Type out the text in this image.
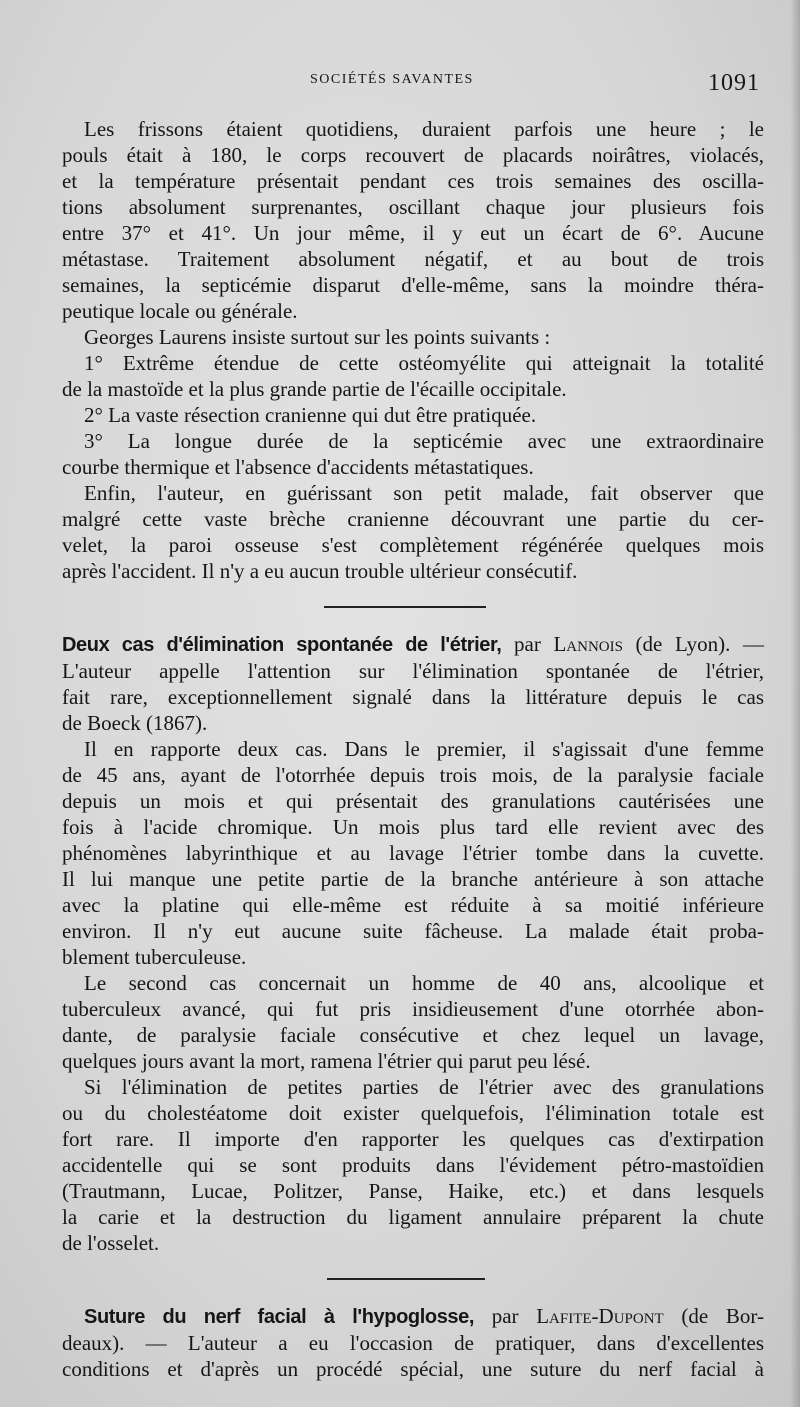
SOCIÉTÉS SAVANTES	1091
Les frissons étaient quotidiens, duraient parfois une heure ; le
pouls était à 180, le corps recouvert de placards noirâtres, violacés,
et la température présentait pendant ces trois semaines des oscilla-
tions absolument surprenantes, oscillant chaque jour plusieurs fois
entre 37° et 41°. Un jour même, il y eut un écart de 6°. Aucune
métastase. Traitement absolument négatif, et au bout de trois
semaines, la septicémie disparut d'elle-même, sans la moindre théra-
peutique locale ou générale.
Georges Laurens insiste surtout sur les points suivants :
1° Extrême étendue de cette ostéomyélite qui atteignait la totalité
de la mastoïde et la plus grande partie de l'écaille occipitale.
2° La vaste résection cranienne qui dut être pratiquée.
3° La longue durée de la septicémie avec une extraordinaire
courbe thermique et l'absence d'accidents métastatiques.
Enfin, l'auteur, en guérissant son petit malade, fait observer que
malgré cette vaste brèche cranienne découvrant une partie du cer-
velet, la paroi osseuse s'est complètement régénérée quelques mois
après l'accident. Il n'y a eu aucun trouble ultérieur consécutif.
Deux cas d'élimination spontanée de l'étrier, par Lannois (de Lyon). —
L'auteur appelle l'attention sur l'élimination spontanée de l'étrier,
fait rare, exceptionnellement signalé dans la littérature depuis le cas
de Boeck (1867).
Il en rapporte deux cas. Dans le premier, il s'agissait d'une femme
de 45 ans, ayant de l'otorrhée depuis trois mois, de la paralysie faciale
depuis un mois et qui présentait des granulations cautérisées une
fois à l'acide chromique. Un mois plus tard elle revient avec des
phénomènes labyrinthique et au lavage l'étrier tombe dans la cuvette.
Il lui manque une petite partie de la branche antérieure à son attache
avec la platine qui elle-même est réduite à sa moitié inférieure
environ. Il n'y eut aucune suite fâcheuse. La malade était proba-
blement tuberculeuse.
Le second cas concernait un homme de 40 ans, alcoolique et
tuberculeux avancé, qui fut pris insidieusement d'une otorrhée abon-
dante, de paralysie faciale consécutive et chez lequel un lavage,
quelques jours avant la mort, ramena l'étrier qui parut peu lésé.
Si l'élimination de petites parties de l'étrier avec des granulations
ou du cholestéatome doit exister quelquefois, l'élimination totale est
fort rare. Il importe d'en rapporter les quelques cas d'extirpation
accidentelle qui se sont produits dans l'évidement pétro-mastoïdien
(Trautmann, Lucae, Politzer, Panse, Haike, etc.) et dans lesquels
la carie et la destruction du ligament annulaire préparent la chute
de l'osselet.
Suture du nerf facial à l'hypoglosse, par Lafite-Dupont (de Bor-
deaux). — L'auteur a eu l'occasion de pratiquer, dans d'excellentes
conditions et d'après un procédé spécial, une suture du nerf facial à
